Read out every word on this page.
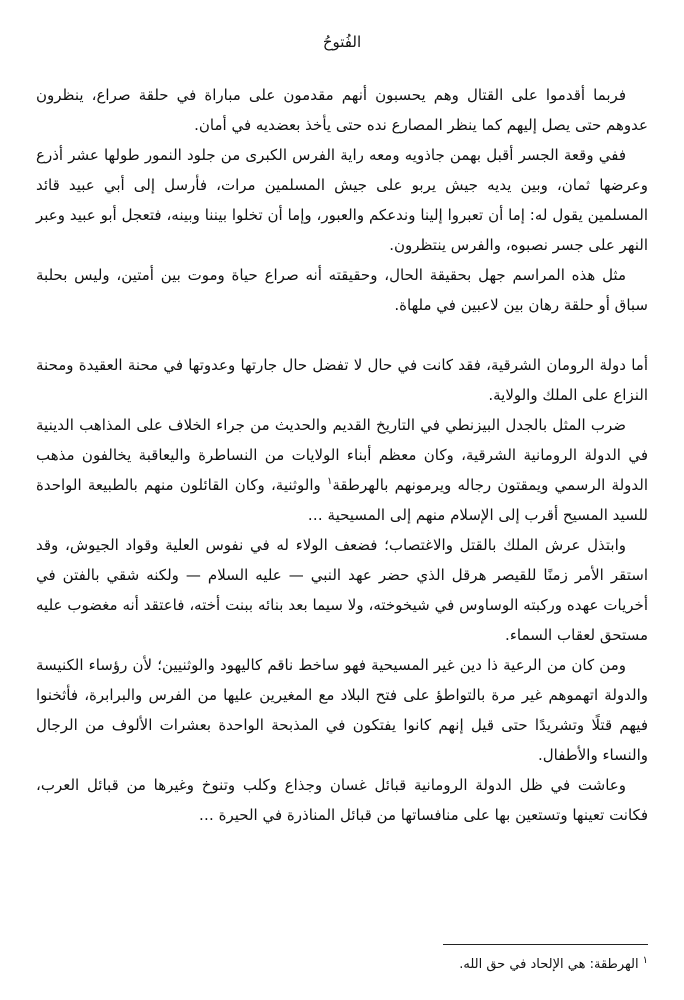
الفُتوحُ

فربما أقدموا على القتال وهم يحسبون أنهم مقدمون على مباراة في حلقة صراع، ينظرون عدوهم حتى يصل إليهم كما ينظر المصارع نده حتى يأخذ بعضديه في أمان.

ففي وقعة الجسر أقبل بهمن جاذويه ومعه راية الفرس الكبرى من جلود النمور طولها عشر أذرع وعرضها ثمان، وبين يديه جيش يربو على جيش المسلمين مرات، فأرسل إلى أبي عبيد قائد المسلمين يقول له: إما أن تعبروا إلينا وندعكم والعبور، وإما أن تخلوا بيننا وبينه، فتعجل أبو عبيد وعبر النهر على جسر نصبوه، والفرس ينتظرون.

مثل هذه المراسم جهل بحقيقة الحال، وحقيقته أنه صراع حياة وموت بين أمتين، وليس بحلبة سباق أو حلقة رهان بين لاعبين في ملهاة.

أما دولة الرومان الشرقية، فقد كانت في حال لا تفضل حال جارتها وعدوتها في محنة العقيدة ومحنة النزاع على الملك والولاية.

ضرب المثل بالجدل البيزنطي في التاريخ القديم والحديث من جراء الخلاف على المذاهب الدينية في الدولة الرومانية الشرقية، وكان معظم أبناء الولايات من النساطرة واليعاقبة يخالفون مذهب الدولة الرسمي ويمقتون رجاله ويرمونهم بالهرطقة$^١$ والوثنية، وكان القائلون منهم بالطبيعة الواحدة للسيد المسيح أقرب إلى الإسلام منهم إلى المسيحية …

وابتذل عرش الملك بالقتل والاغتصاب؛ فضعف الولاء له في نفوس العلية وقواد الجيوش، وقد استقر الأمر زمنًا للقيصر هرقل الذي حضر عهد النبي — عليه السلام — ولكنه شقي بالفتن في أخريات عهده وركبته الوساوس في شيخوخته، ولا سيما بعد بنائه ببنت أخته، فاعتقد أنه مغضوب عليه مستحق لعقاب السماء.

ومن كان من الرعية ذا دين غير المسيحية فهو ساخط ناقم كاليهود والوثنيين؛ لأن رؤساء الكنيسة والدولة اتهموهم غير مرة بالتواطؤ على فتح البلاد مع المغيرين عليها من الفرس والبرابرة، فأثخنوا فيهم قتلًا وتشريدًا حتى قيل إنهم كانوا يفتكون في المذبحة الواحدة بعشرات الألوف من الرجال والنساء والأطفال.

وعاشت في ظل الدولة الرومانية قبائل غسان وجذاع وكلب وتنوخ وغيرها من قبائل العرب، فكانت تعينها وتستعين بها على منافساتها من قبائل المناذرة في الحيرة …

$^١$الهرطقة: هي الإلحاد في حق الله.
